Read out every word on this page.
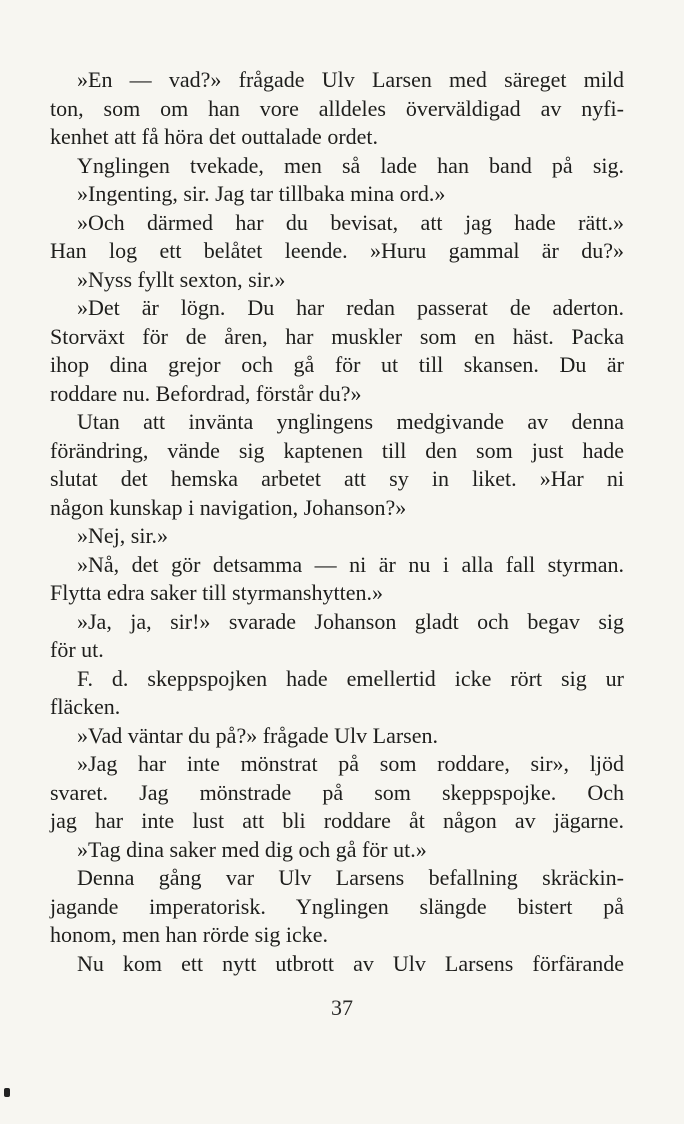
»En — vad?» frågade Ulv Larsen med säreget mild
ton, som om han vore alldeles överväldigad av nyfi-
kenhet att få höra det outtalade ordet.
Ynglingen tvekade, men så lade han band på sig.
»Ingenting, sir. Jag tar tillbaka mina ord.»
»Och därmed har du bevisat, att jag hade rätt.»
Han log ett belåtet leende. »Huru gammal är du?»
»Nyss fyllt sexton, sir.»
»Det är lögn. Du har redan passerat de aderton.
Storväxt för de åren, har muskler som en häst. Packa
ihop dina grejor och gå för ut till skansen. Du är
roddare nu. Befordrad, förstår du?»
Utan att invänta ynglingens medgivande av denna
förändring, vände sig kaptenen till den som just hade
slutat det hemska arbetet att sy in liket. »Har ni
någon kunskap i navigation, Johanson?»
»Nej, sir.»
»Nå, det gör detsamma — ni är nu i alla fall styrman.
Flytta edra saker till styrmanshytten.»
»Ja, ja, sir!» svarade Johanson gladt och begav sig
för ut.
F. d. skeppspojken hade emellertid icke rört sig ur
fläcken.
»Vad väntar du på?» frågade Ulv Larsen.
»Jag har inte mönstrat på som roddare, sir», ljöd
svaret. Jag mönstrade på som skeppspojke. Och
jag har inte lust att bli roddare åt någon av jägarne.
»Tag dina saker med dig och gå för ut.»
Denna gång var Ulv Larsens befallning skräckin-
jagande imperatorisk. Ynglingen slängde bistert på
honom, men han rörde sig icke.
Nu kom ett nytt utbrott av Ulv Larsens förfärande
37
